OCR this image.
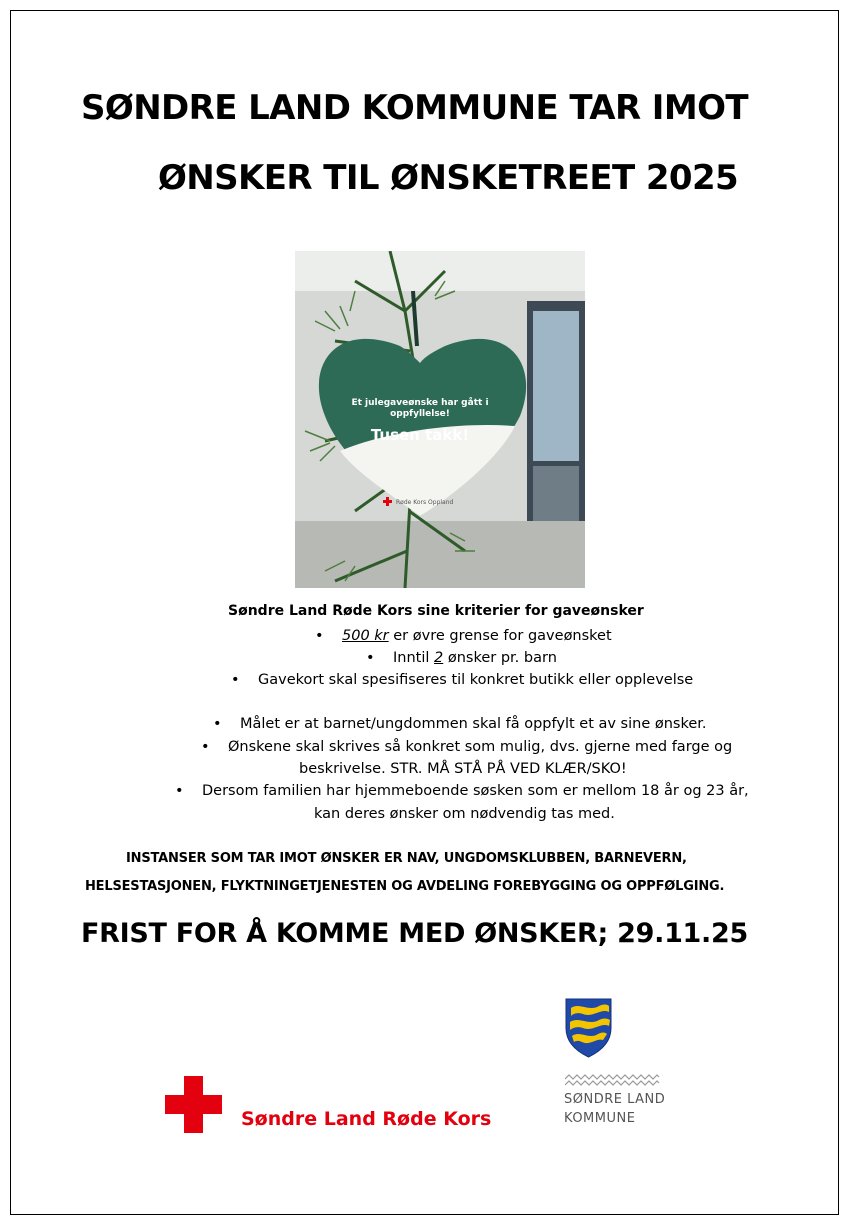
SØNDRE LAND KOMMUNE TAR IMOT
ØNSKER TIL ØNSKETREET 2025
Et julegaveønske har gått i
oppfyllelse!
Tusen takk!
Røde Kors Oppland
Søndre Land Røde Kors sine kriterier for gaveønsker
• 500 kr er øvre grense for gaveønsket
• Inntil 2 ønsker pr. barn
• Gavekort skal spesifiseres til konkret butikk eller opplevelse
• Målet er at barnet/ungdommen skal få oppfylt et av sine ønsker.
• Ønskene skal skrives så konkret som mulig, dvs. gjerne med farge og
beskrivelse. STR. MÅ STÅ PÅ VED KLÆR/SKO!
• Dersom familien har hjemmeboende søsken som er mellom 18 år og 23 år,
kan deres ønsker om nødvendig tas med.
INSTANSER SOM TAR IMOT ØNSKER ER NAV, UNGDOMSKLUBBEN, BARNEVERN,
HELSESTASJONEN, FLYKTNINGETJENESTEN OG AVDELING FOREBYGGING OG OPPFØLGING.
FRIST FOR Å KOMME MED ØNSKER; 29.11.25
Søndre Land Røde Kors
SØNDRE LAND
KOMMUNE
